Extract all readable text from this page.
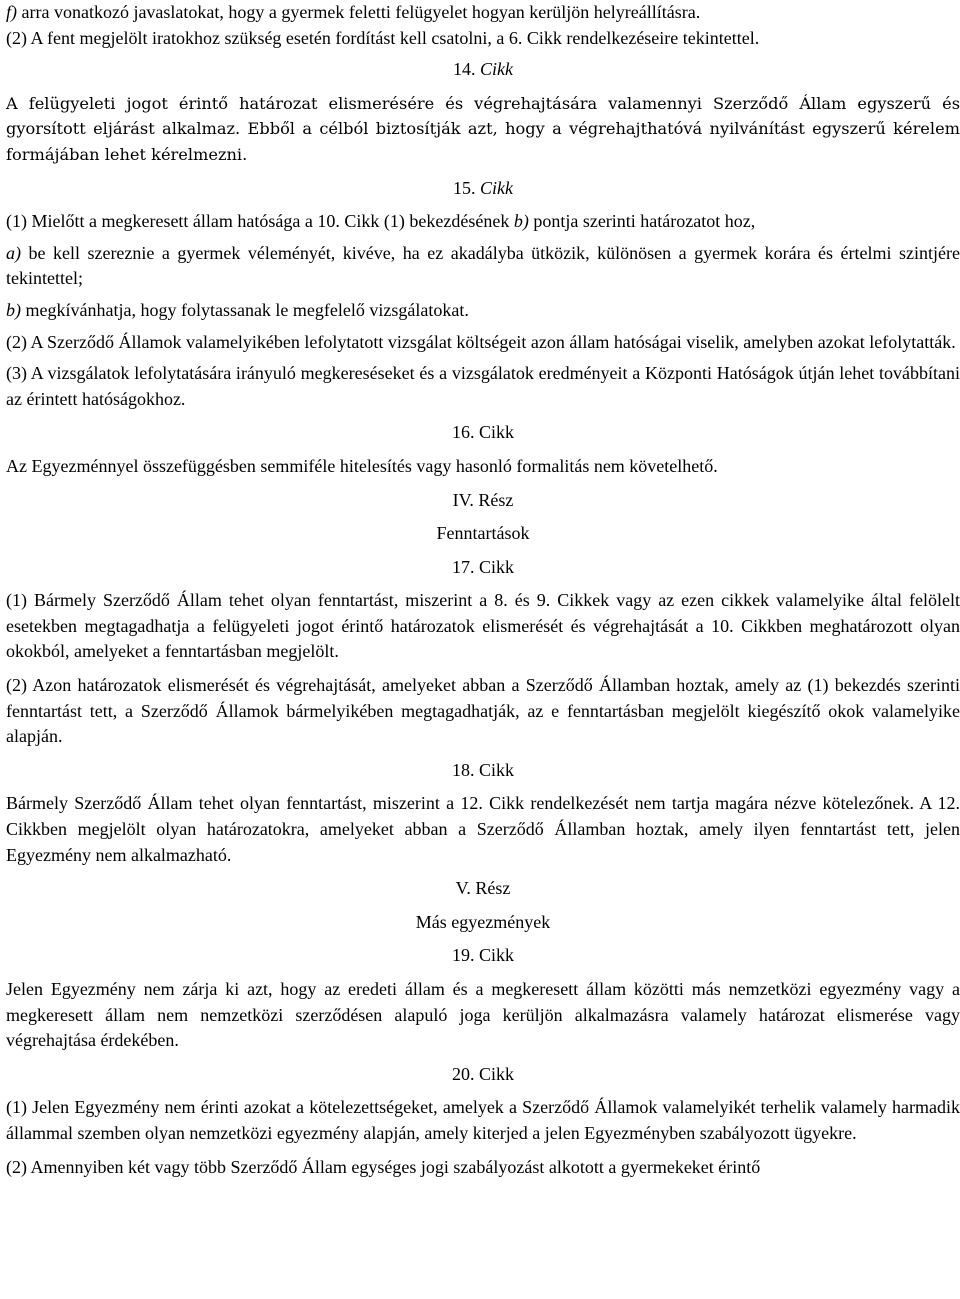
f) arra vonatkozó javaslatokat, hogy a gyermek feletti felügyelet hogyan kerüljön helyreállításra.

(2) A fent megjelölt iratokhoz szükség esetén fordítást kell csatolni, a 6. Cikk rendelkezéseire tekintettel.

14. Cikk

A felügyeleti jogot érintő határozat elismerésére és végrehajtására valamennyi Szerződő Állam egyszerű és gyorsított eljárást alkalmaz. Ebből a célból biztosítják azt, hogy a végrehajthatóvá nyilvánítást egyszerű kérelem formájában lehet kérelmezni.

15. Cikk

(1) Mielőtt a megkeresett állam hatósága a 10. Cikk (1) bekezdésének b) pontja szerinti határozatot hoz,

a) be kell szereznie a gyermek véleményét, kivéve, ha ez akadályba ütközik, különösen a gyermek korára és értelmi szintjére tekintettel;

b) megkívánhatja, hogy folytassanak le megfelelő vizsgálatokat.

(2) A Szerződő Államok valamelyikében lefolytatott vizsgálat költségeit azon állam hatóságai viselik, amelyben azokat lefolytatták.

(3) A vizsgálatok lefolytatására irányuló megkereséseket és a vizsgálatok eredményeit a Központi Hatóságok útján lehet továbbítani az érintett hatóságokhoz.

16. Cikk

Az Egyezménnyel összefüggésben semmiféle hitelesítés vagy hasonló formalitás nem követelhető.

IV. Rész

Fenntartások

17. Cikk

(1) Bármely Szerződő Állam tehet olyan fenntartást, miszerint a 8. és 9. Cikkek vagy az ezen cikkek valamelyike által felölelt esetekben megtagadhatja a felügyeleti jogot érintő határozatok elismerését és végrehajtását a 10. Cikkben meghatározott olyan okokból, amelyeket a fenntartásban megjelölt.

(2) Azon határozatok elismerését és végrehajtását, amelyeket abban a Szerződő Államban hoztak, amely az (1) bekezdés szerinti fenntartást tett, a Szerződő Államok bármelyikében megtagadhatják, az e fenntartásban megjelölt kiegészítő okok valamelyike alapján.

18. Cikk

Bármely Szerződő Állam tehet olyan fenntartást, miszerint a 12. Cikk rendelkezését nem tartja magára nézve kötelezőnek. A 12. Cikkben megjelölt olyan határozatokra, amelyeket abban a Szerződő Államban hoztak, amely ilyen fenntartást tett, jelen Egyezmény nem alkalmazható.

V. Rész

Más egyezmények

19. Cikk

Jelen Egyezmény nem zárja ki azt, hogy az eredeti állam és a megkeresett állam közötti más nemzetközi egyezmény vagy a megkeresett állam nem nemzetközi szerződésen alapuló joga kerüljön alkalmazásra valamely határozat elismerése vagy végrehajtása érdekében.

20. Cikk

(1) Jelen Egyezmény nem érinti azokat a kötelezettségeket, amelyek a Szerződő Államok valamelyikét terhelik valamely harmadik állammal szemben olyan nemzetközi egyezmény alapján, amely kiterjed a jelen Egyezményben szabályozott ügyekre.

(2) Amennyiben két vagy több Szerződő Állam egységes jogi szabályozást alkotott a gyermekeket érintő
